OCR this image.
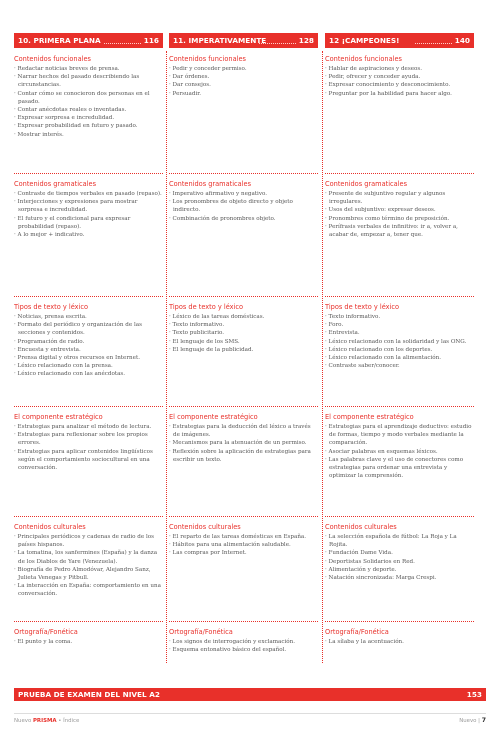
10. PRIMERA PLANA	116
Contenidos funcionales
· Redactar noticias breves de prensa.
· Narrar hechos del pasado describiendo las circunstancias.
· Contar cómo se conocieron dos personas en el pasado.
· Contar anécdotas reales o inventadas.
· Expresar sorpresa e incredulidad.
· Expresar probabilidad en futuro y pasado.
· Mostrar interés.
Contenidos gramaticales
· Contraste de tiempos verbales en pasado (repaso).
· Interjecciones y expresiones para mostrar sorpresa e incredulidad.
· El futuro y el condicional para expresar probabilidad (repaso).
· A lo mejor + indicativo.
Tipos de texto y léxico
· Noticias, prensa escrita.
· Formato del periódico y organización de las secciones y contenidos.
· Programación de radio.
· Encuesta y entrevista.
· Prensa digital y otros recursos en Internet.
· Léxico relacionado con la prensa.
· Léxico relacionado con las anécdotas.
El componente estratégico
· Estrategias para analizar el método de lectura.
· Estrategias para reflexionar sobre los propios errores.
· Estrategias para aplicar contenidos lingüísticos según el comportamiento sociocultural en una conversación.
Contenidos culturales
· Principales periódicos y cadenas de radio de los países hispanos.
· La tomatina, los sanfermines (España) y la danza de los Diablos de Yare (Venezuela).
· Biografía de Pedro Almodóvar, Alejandro Sanz, Julieta Venegas y Pitbull.
· La interacción en España: comportamiento en una conversación.
Ortografía/Fonética
· El punto y la coma.
11. IMPERATIVAMENTE	128
Contenidos funcionales
· Pedir y conceder permiso.
· Dar órdenes.
· Dar consejos.
· Persuadir.
Contenidos gramaticales
· Imperativo afirmativo y negativo.
· Los pronombres de objeto directo y objeto indirecto.
· Combinación de pronombres objeto.
Tipos de texto y léxico
· Léxico de las tareas domésticas.
· Texto informativo.
· Texto publicitario.
· El lenguaje de los SMS.
· El lenguaje de la publicidad.
El componente estratégico
· Estrategias para la deducción del léxico a través de imágenes.
· Mecanismos para la atenuación de un permiso.
· Reflexión sobre la aplicación de estrategias para escribir un texto.
Contenidos culturales
· El reparto de las tareas domésticas en España.
· Hábitos para una alimentación saludable.
· Las compras por Internet.
Ortografía/Fonética
· Los signos de interrogación y exclamación.
· Esquema entonativo básico del español.
12 ¡CAMPEONES!	140
Contenidos funcionales
· Hablar de aspiraciones y deseos.
· Pedir, ofrecer y conceder ayuda.
· Expresar conocimiento y desconocimiento.
· Preguntar por la habilidad para hacer algo.
Contenidos gramaticales
· Presente de subjuntivo regular y algunos irregulares.
· Usos del subjuntivo: expresar deseos.
· Pronombres como término de preposición.
· Perífrasis verbales de infinitivo: ir a, volver a, acabar de, empezar a, tener que.
Tipos de texto y léxico
· Texto informativo.
· Foro.
· Entrevista.
· Léxico relacionado con la solidaridad y las ONG.
· Léxico relacionado con los deportes.
· Léxico relacionado con la alimentación.
· Contraste saber/conocer.
El componente estratégico
· Estrategias para el aprendizaje deductivo: estudio de formas, tiempo y modo verbales mediante la comparación.
· Asociar palabras en esquemas léxicos.
· Las palabras clave y el uso de conectores como estrategias para ordenar una entrevista y optimizar la comprensión.
Contenidos culturales
· La selección española de fútbol: La Roja y La Rojita.
· Fundación Dame Vida.
· Deportistas Solidarios en Red.
· Alimentación y deporte.
· Natación sincronizada: Marga Crespi.
Ortografía/Fonética
· La sílaba y la acentuación.
PRUEBA DE EXAMEN DEL NIVEL A2	153
Nuevo PRISMA • Índice	Nuevo | 7
